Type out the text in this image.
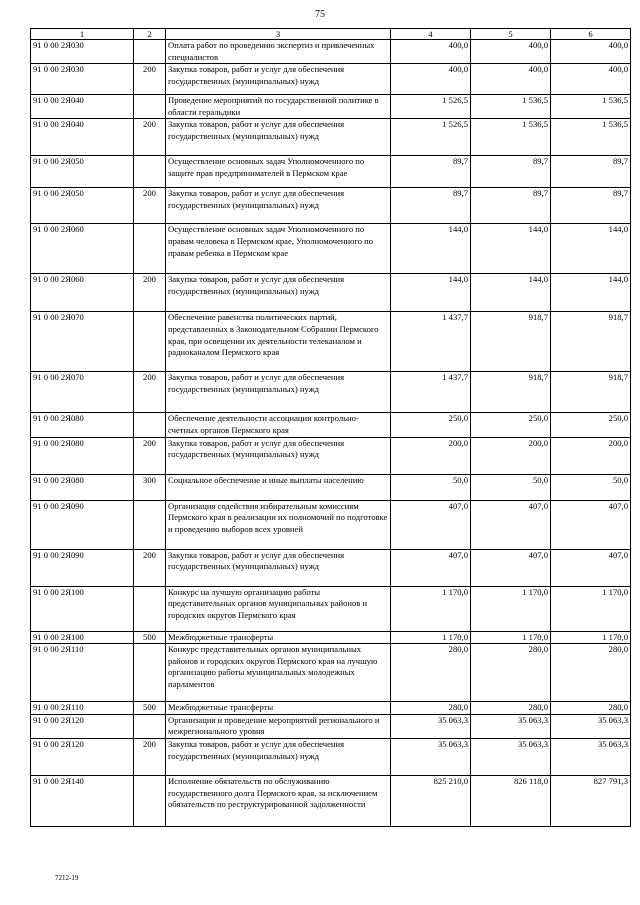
75
1	2	3	4	5	6
91 0 00 2Я030		Оплата работ по проведению экспертиз и привлеченных специалистов	400,0	400,0	400,0
91 0 00 2Я030	200	Закупка товаров, работ и услуг для обеспечения государственных (муниципальных) нужд	400,0	400,0	400,0
91 0 00 2Я040		Проведение мероприятий по государственной политике в области геральдики	1 526,5	1 536,5	1 536,5
91 0 00 2Я040	200	Закупка товаров, работ и услуг для обеспечения государственных (муниципальных) нужд	1 526,5	1 536,5	1 536,5
91 0 00 2Я050		Осуществление основных задач Уполномоченного по защите прав предпринимателей в Пермском крае	89,7	89,7	89,7
91 0 00 2Я050	200	Закупка товаров, работ и услуг для обеспечения государственных (муниципальных) нужд	89,7	89,7	89,7
91 0 00 2Я060		Осуществление основных задач Уполномоченного по правам человека в Пермском крае, Уполномоченного по правам ребенка в Пермском крае	144,0	144,0	144,0
91 0 00 2Я060	200	Закупка товаров, работ и услуг для обеспечения государственных (муниципальных) нужд	144,0	144,0	144,0
91 0 00 2Я070		Обеспечение равенства политических партий, представленных в Законодательном Собрании Пермского края, при освещении их деятельности телеканалом и радиоканалом Пермского края	1 437,7	918,7	918,7
91 0 00 2Я070	200	Закупка товаров, работ и услуг для обеспечения государственных (муниципальных) нужд	1 437,7	918,7	918,7
91 0 00 2Я080		Обеспечение деятельности ассоциации контрольно-счетных органов Пермского края	250,0	250,0	250,0
91 0 00 2Я080	200	Закупка товаров, работ и услуг для обеспечения государственных (муниципальных) нужд	200,0	200,0	200,0
91 0 00 2Я080	300	Социальное обеспечение и иные выплаты населению	50,0	50,0	50,0
91 0 00 2Я090		Организация содействия избирательным комиссиям Пермского края в реализации их полномочий по подготовке и проведению выборов всех уровней	407,0	407,0	407,0
91 0 00 2Я090	200	Закупка товаров, работ и услуг для обеспечения государственных (муниципальных) нужд	407,0	407,0	407,0
91 0 00 2Я100		Конкурс на лучшую организацию работы представительных органов муниципальных районов и городских округов Пермского края	1 170,0	1 170,0	1 170,0
91 0 00 2Я100	500	Межбюджетные трансферты	1 170,0	1 170,0	1 170,0
91 0 00 2Я110		Конкурс представительных органов муниципальных районов и городских округов Пермского края на лучшую организацию работы муниципальных молодежных парламентов	280,0	280,0	280,0
91 0 00 2Я110	500	Межбюджетные трансферты	280,0	280,0	280,0
91 0 00 2Я120		Организация и проведение мероприятий регионального и межрегионального уровня	35 063,3	35 063,3	35 063,3
91 0 00 2Я120	200	Закупка товаров, работ и услуг для обеспечения государственных (муниципальных) нужд	35 063,3	35 063,3	35 063,3
91 0 00 2Я140		Исполнение обязательств по обслуживанию государственного долга Пермского края, за исключением обязательств по реструктурированной задолженности	825 210,0	826 118,0	827 791,3
7212-19
